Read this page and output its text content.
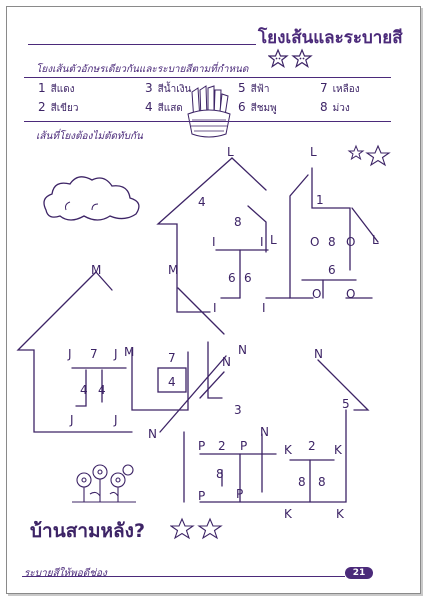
โยงเส้นและระบายสี
โยงเส้นตัวอักษรเดียวกันและระบายสีตามที่กำหนด
1 สีแดง	3 สีน้ำเงิน	5 สีฟ้า	7 เหลือง
2 สีเขียว	4 สีแสด	6 สีชมพู	8 ม่วง
เส้นที่โยงต้องไม่ตัดทับกัน
L
4
8
I	I L
6 6
I	I
L
1
O 8 O L
6
O O
M	M
J 7 J M	7
4
4 4
J	J
N
N	N
5
3
N	N
P 2 P	K 2 K
8
8 8
P	P
K	K
บ้านสามหลัง?
ระบายสีให้พอดีช่อง	21
